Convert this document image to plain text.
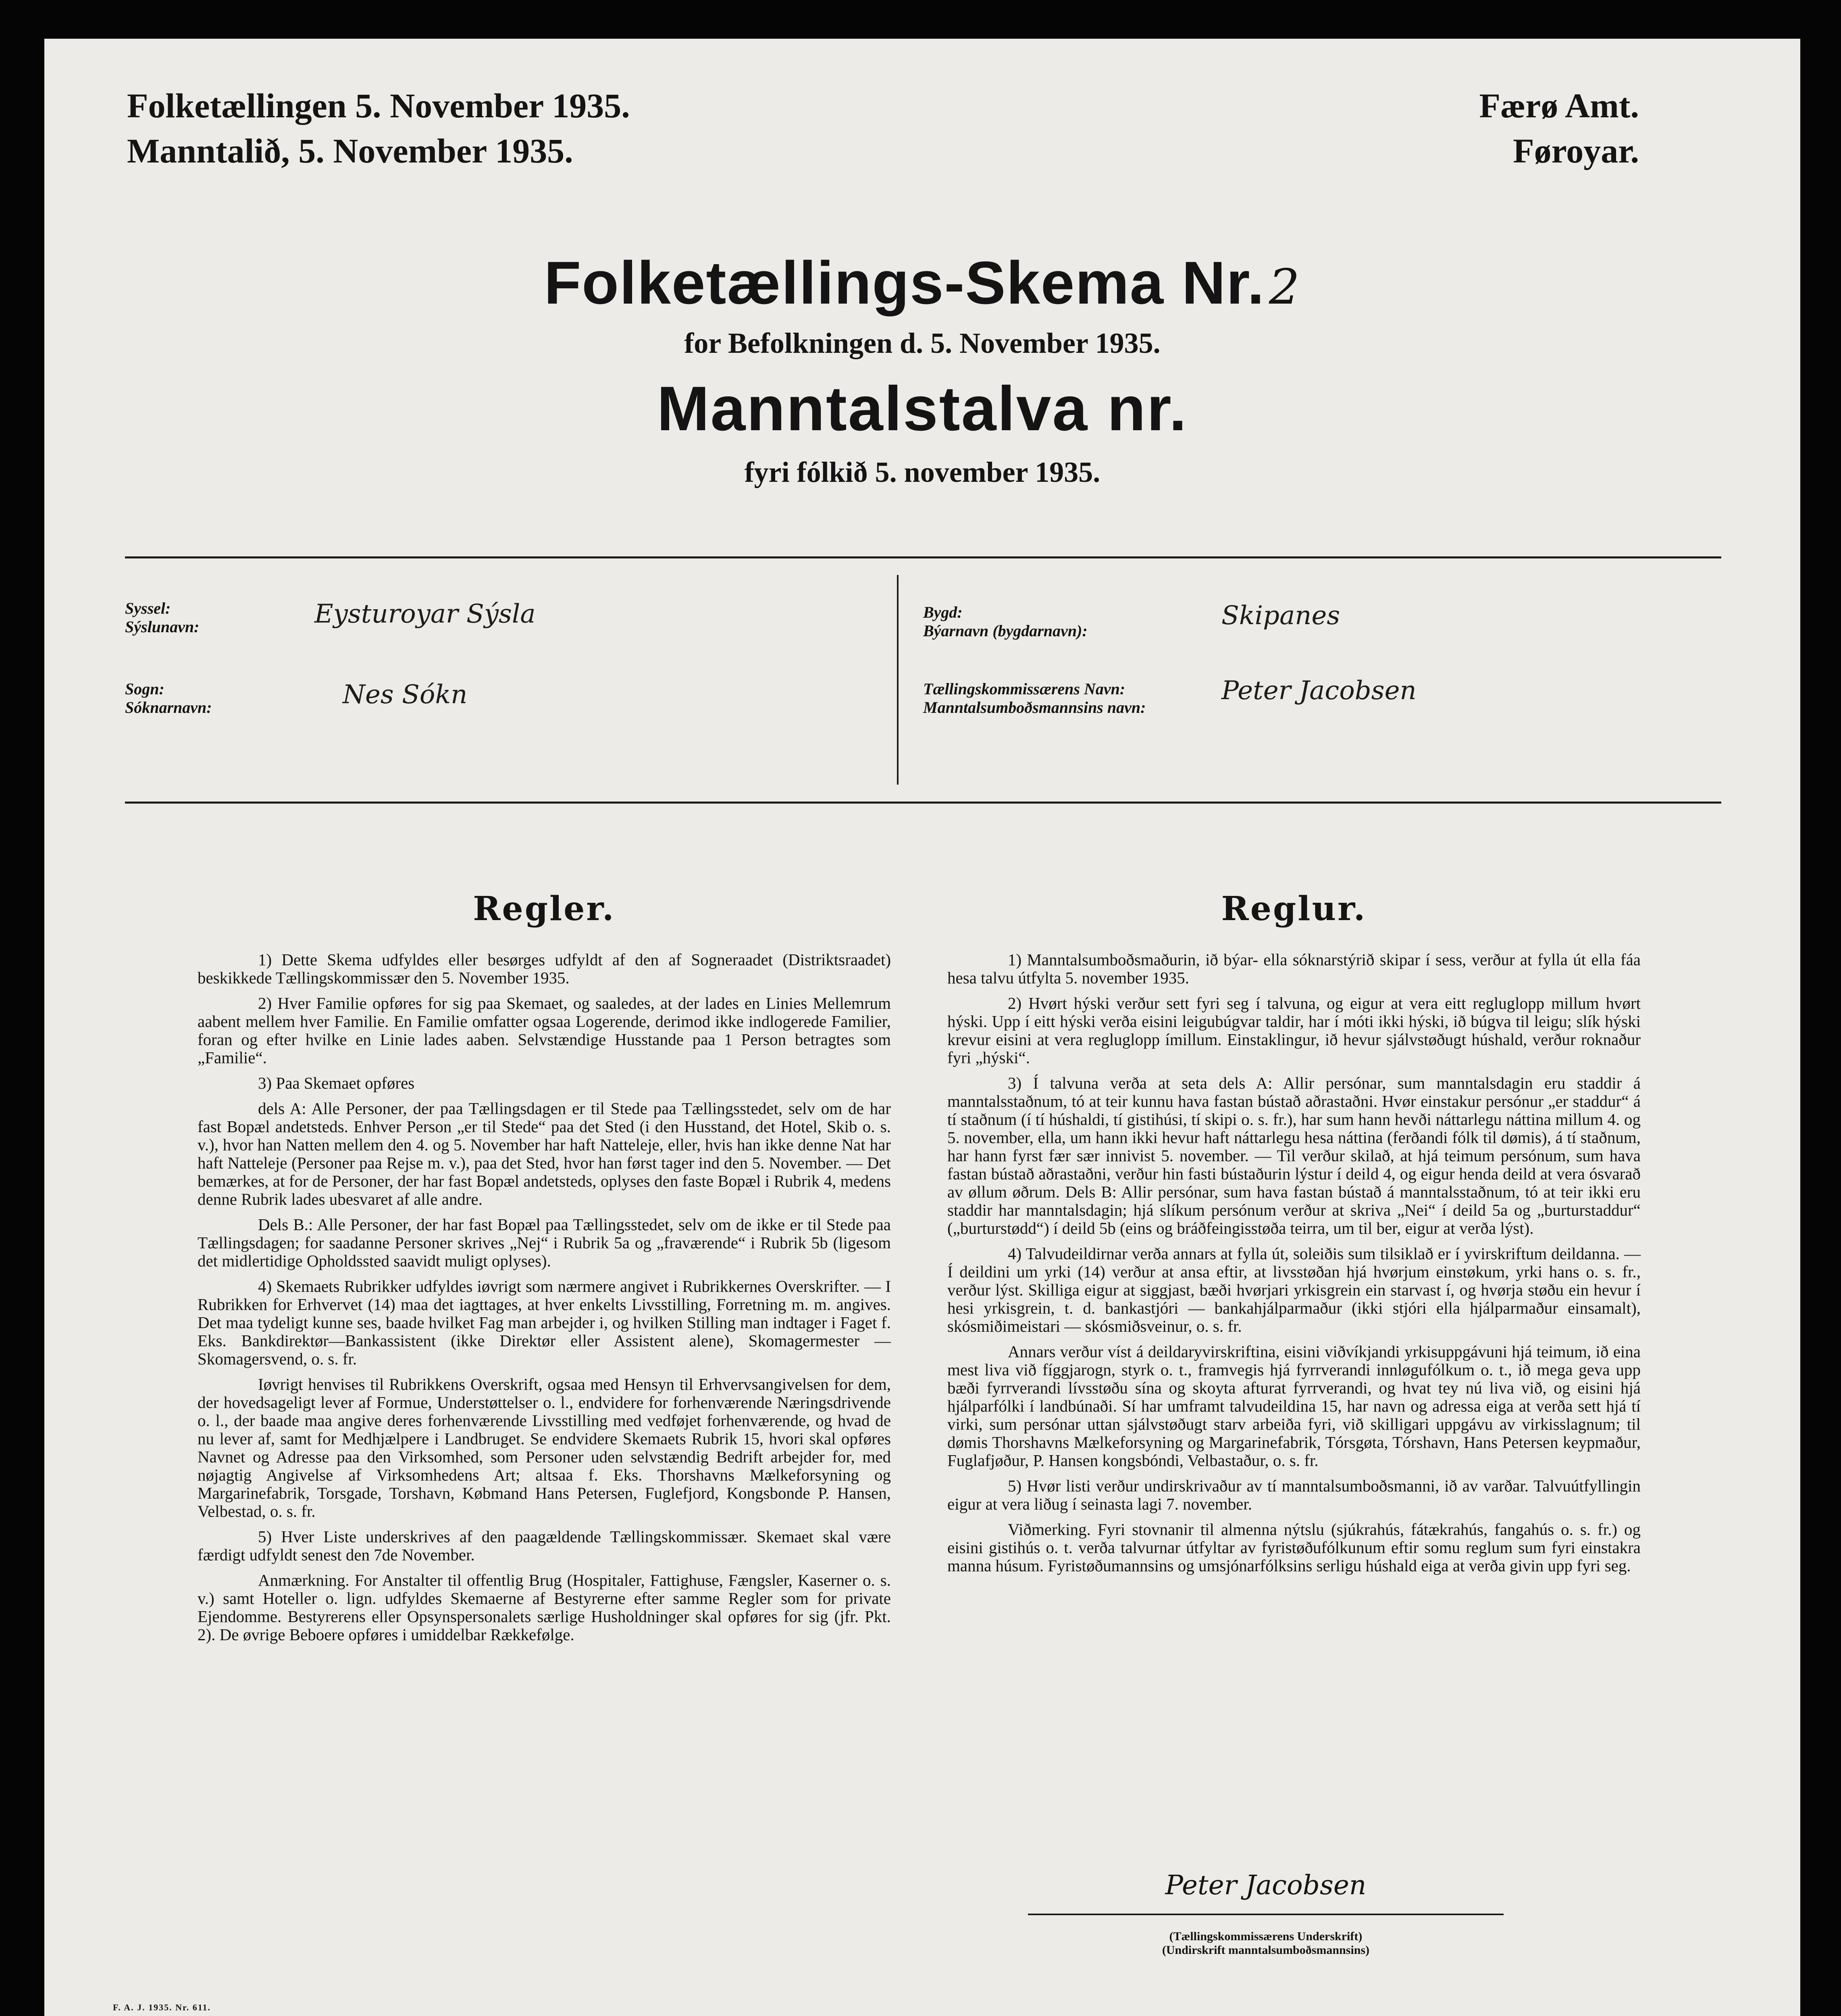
Folketællingen 5. November 1935.
Manntalið, 5. November 1935.
Færø Amt.
Føroyar.
Folketællings-Skema Nr.2
for Befolkningen d. 5. November 1935.
Manntalstalva nr.
fyri fólkið 5. november 1935.
Syssel:
Sýslunavn:	Eysturoyar Sýsla
Sogn:
Sóknarnavn:	Nes Sókn
Bygd:
Býarnavn (bygdarnavn):
Skipanes
Tællingskommissærens Navn:
Manntalsumboðsmannsins navn:
Peter Jacobsen
Regler.

1) Dette Skema udfyldes eller besørges udfyldt af den af Sogneraadet (Distriktsraadet) beskikkede Tællingskommissær den 5. November 1935.

2) Hver Familie opføres for sig paa Skemaet, og saaledes, at der lades en Linies Mellemrum aabent mellem hver Familie. En Familie omfatter ogsaa Logerende, derimod ikke indlogerede Familier, foran og efter hvilke en Linie lades aaben. Selvstændige Husstande paa 1 Person betragtes som „Familie“.

3) Paa Skemaet opføres

dels A: Alle Personer, der paa Tællingsdagen er til Stede paa Tællingsstedet, selv om de har fast Bopæl andetsteds. Enhver Person „er til Stede“ paa det Sted (i den Husstand, det Hotel, Skib o. s. v.), hvor han Natten mellem den 4. og 5. November har haft Natteleje, eller, hvis han ikke denne Nat har haft Natteleje (Personer paa Rejse m. v.), paa det Sted, hvor han først tager ind den 5. November. — Det bemærkes, at for de Personer, der har fast Bopæl andetsteds, oplyses den faste Bopæl i Rubrik 4, medens denne Rubrik lades ubesvaret af alle andre.

Dels B.: Alle Personer, der har fast Bopæl paa Tællingsstedet, selv om de ikke er til Stede paa Tællingsdagen; for saadanne Personer skrives „Nej“ i Rubrik 5a og „fraværende“ i Rubrik 5b (ligesom det midlertidige Opholdssted saavidt muligt oplyses).

4) Skemaets Rubrikker udfyldes iøvrigt som nærmere angivet i Rubrikkernes Overskrifter. — I Rubrikken for Erhvervet (14) maa det iagttages, at hver enkelts Livsstilling, Forretning m. m. angives. Det maa tydeligt kunne ses, baade hvilket Fag man arbejder i, og hvilken Stilling man indtager i Faget f. Eks. Bankdirektør—Bankassistent (ikke Direktør eller Assistent alene), Skomagermester — Skomagersvend, o. s. fr.

Iøvrigt henvises til Rubrikkens Overskrift, ogsaa med Hensyn til Erhvervsangivelsen for dem, der hovedsageligt lever af Formue, Understøttelser o. l., endvidere for forhenværende Næringsdrivende o. l., der baade maa angive deres forhenværende Livsstilling med vedføjet forhenværende, og hvad de nu lever af, samt for Medhjælpere i Landbruget. Se endvidere Skemaets Rubrik 15, hvori skal opføres Navnet og Adresse paa den Virksomhed, som Personer uden selvstændig Bedrift arbejder for, med nøjagtig Angivelse af Virksomhedens Art; altsaa f. Eks. Thorshavns Mælkeforsyning og Margarinefabrik, Torsgade, Torshavn, Købmand Hans Petersen, Fuglefjord, Kongsbonde P. Hansen, Velbestad, o. s. fr.

5) Hver Liste underskrives af den paagældende Tællingskommissær. Skemaet skal være færdigt udfyldt senest den 7de November.

Anmærkning. For Anstalter til offentlig Brug (Hospitaler, Fattighuse, Fængsler, Kaserner o. s. v.) samt Hoteller o. lign. udfyldes Skemaerne af Bestyrerne efter samme Regler som for private Ejendomme. Bestyrerens eller Opsynspersonalets særlige Husholdninger skal opføres for sig (jfr. Pkt. 2). De øvrige Beboere opføres i umiddelbar Rækkefølge.

Reglur.

1) Manntalsumboðsmaðurin, ið býar- ella sóknarstýrið skipar í sess, verður at fylla út ella fáa hesa talvu útfylta 5. november 1935.

2) Hvørt hýski verður sett fyri seg í talvuna, og eigur at vera eitt regluglopp millum hvørt hýski. Upp í eitt hýski verða eisini leigubúgvar taldir, har í móti ikki hýski, ið búgva til leigu; slík hýski krevur eisini at vera regluglopp ímillum. Einstaklingur, ið hevur sjálvstøðugt húshald, verður roknaður fyri „hýski“.

3) Í talvuna verða at seta dels A: Allir persónar, sum manntalsdagin eru staddir á manntalsstaðnum, tó at teir kunnu hava fastan bústað aðrastaðni. Hvør einstakur persónur „er staddur“ á tí staðnum (í tí húshaldi, tí gistihúsi, tí skipi o. s. fr.), har sum hann hevði náttarlegu náttina millum 4. og 5. november, ella, um hann ikki hevur haft náttarlegu hesa náttina (ferðandi fólk til dømis), á tí staðnum, har hann fyrst fær sær innivist 5. november. — Til verður skilað, at hjá teimum persónum, sum hava fastan bústað aðrastaðni, verður hin fasti bústaðurin lýstur í deild 4, og eigur henda deild at vera ósvarað av øllum øðrum. Dels B: Allir persónar, sum hava fastan bústað á manntalsstaðnum, tó at teir ikki eru staddir har manntalsdagin; hjá slíkum persónum verður at skriva „Nei“ í deild 5a og „burturstaddur“ („burturstødd“) í deild 5b (eins og bráðfeingisstøða teirra, um til ber, eigur at verða lýst).

4) Talvudeildirnar verða annars at fylla út, soleiðis sum tilsiklað er í yvirskriftum deildanna. — Í deildini um yrki (14) verður at ansa eftir, at livsstøðan hjá hvørjum einstøkum, yrki hans o. s. fr., verður lýst. Skilliga eigur at siggjast, bæði hvørjari yrkisgrein ein starvast í, og hvørja støðu ein hevur í hesi yrkisgrein, t. d. bankastjóri — bankahjálparmaður (ikki stjóri ella hjálparmaður einsamalt), skósmiðimeistari — skósmiðsveinur, o. s. fr.

Annars verður víst á deildaryvirskriftina, eisini viðvíkjandi yrkisuppgávuni hjá teimum, ið eina mest liva við fíggjarogn, styrk o. t., framvegis hjá fyrrverandi innløgufólkum o. t., ið mega geva upp bæði fyrrverandi lívsstøðu sína og skoyta afturat fyrrverandi, og hvat tey nú liva við, og eisini hjá hjálparfólki í landbúnaði. Sí har umframt talvudeildina 15, har navn og adressa eiga at verða sett hjá tí virki, sum persónar uttan sjálvstøðugt starv arbeiða fyri, við skilligari uppgávu av virkisslagnum; til dømis Thorshavns Mælkeforsyning og Margarinefabrik, Tórsgøta, Tórshavn, Hans Petersen keypmaður, Fuglafjøður, P. Hansen kongsbóndi, Velbastaður, o. s. fr.

5) Hvør listi verður undirskrivaður av tí manntalsumboðsmanni, ið av varðar. Talvuútfyllingin eigur at vera liðug í seinasta lagi 7. november.

Viðmerking. Fyri stovnanir til almenna nýtslu (sjúkrahús, fátækrahús, fangahús o. s. fr.) og eisini gistihús o. t. verða talvurnar útfyltar av fyristøðufólkunum eftir somu reglum sum fyri einstakra manna húsum. Fyristøðumannsins og umsjónarfólksins serligu húshald eiga at verða givin upp fyri seg.

Peter Jacobsen
(Tællingskommissærens Underskrift)
(Undirskrift manntalsumboðsmannsins)
F. A. J. 1935. Nr. 611.
